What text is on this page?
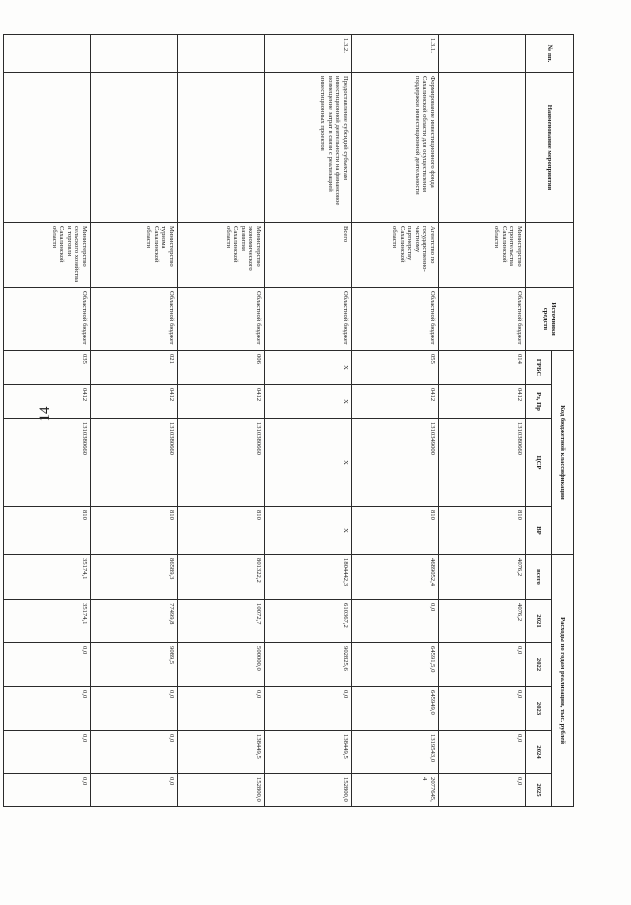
14
№ пп.	Наименование мероприятия		Источники средств	Код бюджетной классификации				Расходы по годам реализации, тыс. рублей					
				ГРБС	Рз, Пр	ЦСР	ВР	всего	2021	2022	2023	2024	2025
		Министерство строительства Сахалинской области	Областной бюджет	014	0412	1310380660	810	4076,2	4076,2	0,0	0,0	0,0	0,0
1.3.1.	Формирование инвестиционного фонда Сахалинской области для осуществления поддержки инвестиционной деятельности	Агентство по государственно-частному партнерству Сахалинской области	Областной бюджет	055	0412	1310349000	810	4689052,4	0,0	64591,5,0	645949,0	1319543,0	2077645,4
1.3.2.	Предоставление субсидий субъектам инвестиционной деятельности на финансовое возмещение затрат в связи с реализацией инвестиционных проектов	Всего	Областной бюджет	Х	Х	Х	Х	1804442,3	610367,2	902825,6	0,0	138449,5	152800,0
		Министерство экономического развития Сахалинской области	Областной бюджет	006	0412	1310380660	810	801322,2	10072,7	500000,0	0,0	138449,5	152800,0
		Министерство туризма Сахалинской области	Областной бюджет	021	0412	1310380660	810	86589,3	77499,8	9089,5	0,0	0,0	0,0
		Министерство сельского хозяйства и торговли Сахалинской области	Областной бюджет	035	0412	1310380660	810	35174,1	35174,1	0,0	0,0	0,0	0,0
